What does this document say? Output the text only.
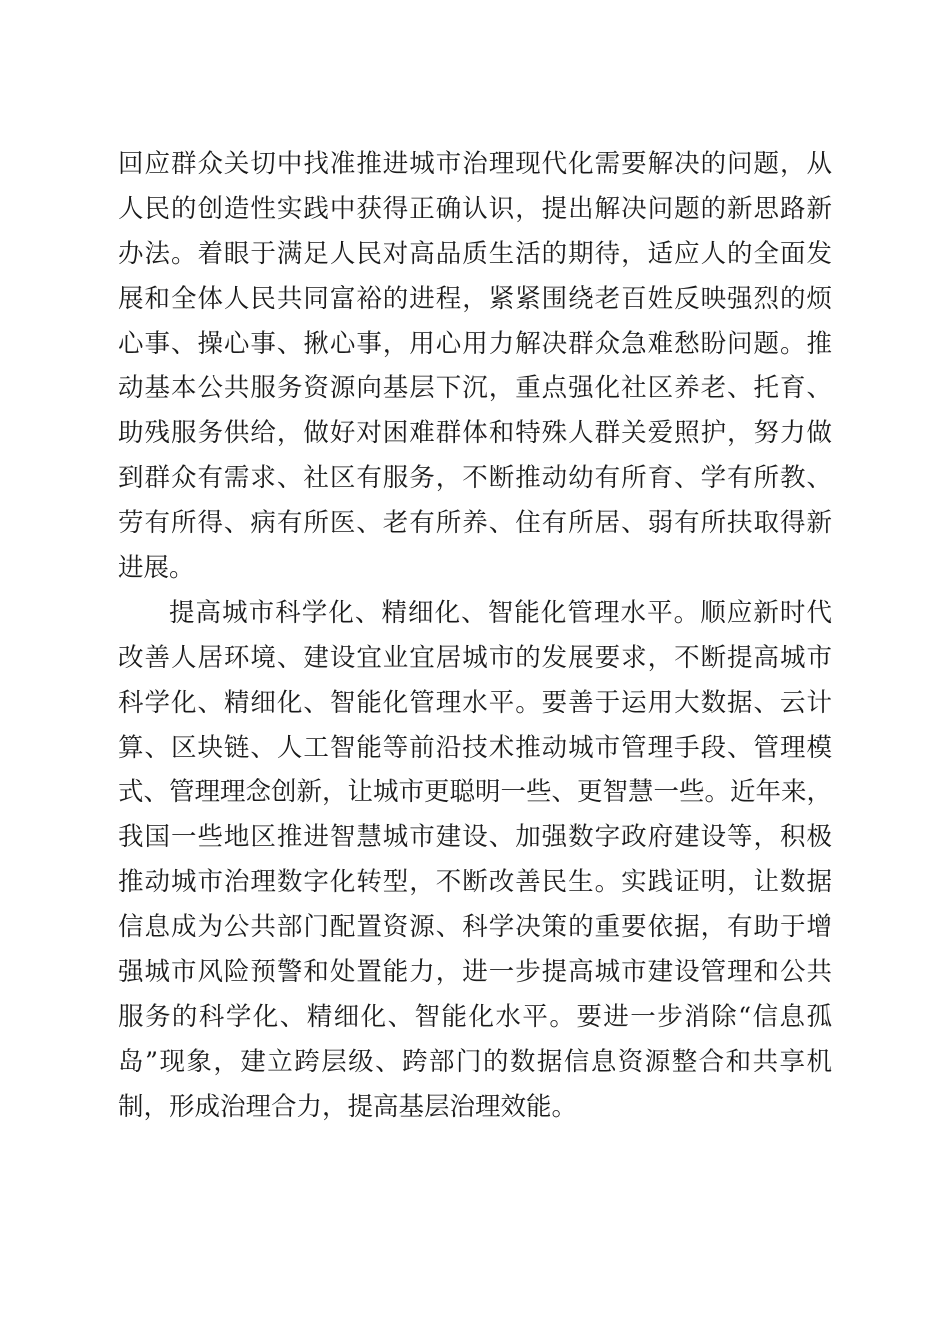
回应群众关切中找准推进城市治理现代化需要解决的问题，从
人民的创造性实践中获得正确认识，提出解决问题的新思路新
办法。着眼于满足人民对高品质生活的期待，适应人的全面发
展和全体人民共同富裕的进程，紧紧围绕老百姓反映强烈的烦
心事、操心事、揪心事，用心用力解决群众急难愁盼问题。推
动基本公共服务资源向基层下沉，重点强化社区养老、托育、
助残服务供给，做好对困难群体和特殊人群关爱照护，努力做
到群众有需求、社区有服务，不断推动幼有所育、学有所教、
劳有所得、病有所医、老有所养、住有所居、弱有所扶取得新
进展。
提高城市科学化、精细化、智能化管理水平。顺应新时代
改善人居环境、建设宜业宜居城市的发展要求，不断提高城市
科学化、精细化、智能化管理水平。要善于运用大数据、云计
算、区块链、人工智能等前沿技术推动城市管理手段、管理模
式、管理理念创新，让城市更聪明一些、更智慧一些。近年来，
我国一些地区推进智慧城市建设、加强数字政府建设等，积极
推动城市治理数字化转型，不断改善民生。实践证明，让数据
信息成为公共部门配置资源、科学决策的重要依据，有助于增
强城市风险预警和处置能力，进一步提高城市建设管理和公共
服务的科学化、精细化、智能化水平。要进一步消除“信息孤
岛”现象，建立跨层级、跨部门的数据信息资源整合和共享机
制，形成治理合力，提高基层治理效能。
